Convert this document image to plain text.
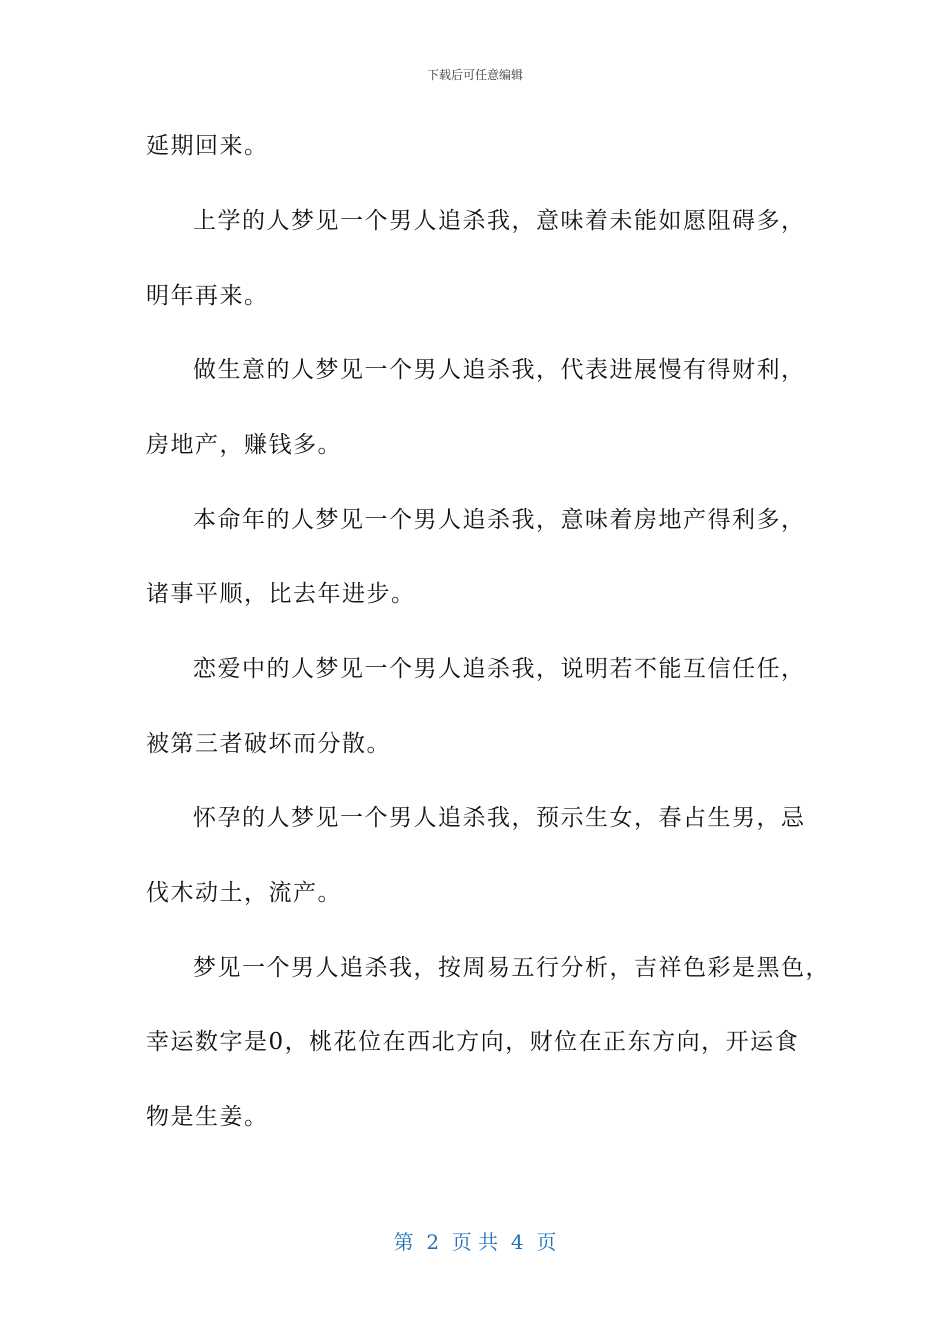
下载后可任意编辑
延期回来。
上学的人梦见一个男人追杀我，意味着未能如愿阻碍多，
明年再来。
做生意的人梦见一个男人追杀我，代表进展慢有得财利，
房地产，赚钱多。
本命年的人梦见一个男人追杀我，意味着房地产得利多，
诸事平顺，比去年进步。
恋爱中的人梦见一个男人追杀我，说明若不能互信任任，
被第三者破坏而分散。
怀孕的人梦见一个男人追杀我，预示生女，春占生男，忌
伐木动土，流产。
梦见一个男人追杀我，按周易五行分析，吉祥色彩是黑色，
幸运数字是0，桃花位在西北方向，财位在正东方向，开运食
物是生姜。
第  2  页 共  4  页
